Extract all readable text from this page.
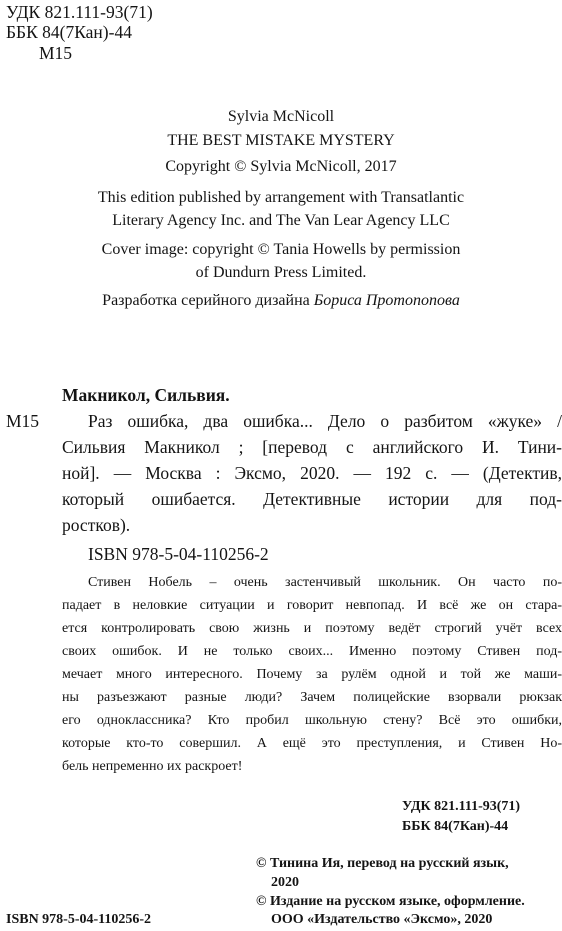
УДК 821.111-93(71)
ББК 84(7Кан)-44
М15
Sylvia McNicoll
THE BEST MISTAKE MYSTERY
Copyright © Sylvia McNicoll, 2017
This edition published by arrangement with Transatlantic
Literary Agency Inc. and The Van Lear Agency LLC
Cover image: copyright © Tania Howells by permission
of Dundurn Press Limited.
Разработка серийного дизайна Бориса Протопопова
Макникол, Сильвия.
М15	Раз ошибка, два ошибка... Дело о разбитом «жуке» /
Сильвия Макникол ; [перевод с английского И. Тини-
ной]. — Москва : Эксмо, 2020. — 192 с. — (Детектив,
который ошибается. Детективные истории для под-
ростков).
ISBN 978-5-04-110256-2
Стивен Нобель – очень застенчивый школьник. Он часто по-
падает в неловкие ситуации и говорит невпопад. И всё же он стара-
ется контролировать свою жизнь и поэтому ведёт строгий учёт всех
своих ошибок. И не только своих... Именно поэтому Стивен под-
мечает много интересного. Почему за рулём одной и той же маши-
ны разъезжают разные люди? Зачем полицейские взорвали рюкзак
его одноклассника? Кто пробил школьную стену? Всё это ошибки,
которые кто-то совершил. А ещё это преступления, и Стивен Но-
бель непременно их раскроет!
УДК 821.111-93(71)
ББК 84(7Кан)-44
© Тинина Ия, перевод на русский язык,
2020
© Издание на русском языке, оформление.
ООО «Издательство «Эксмо», 2020
ISBN 978-5-04-110256-2
